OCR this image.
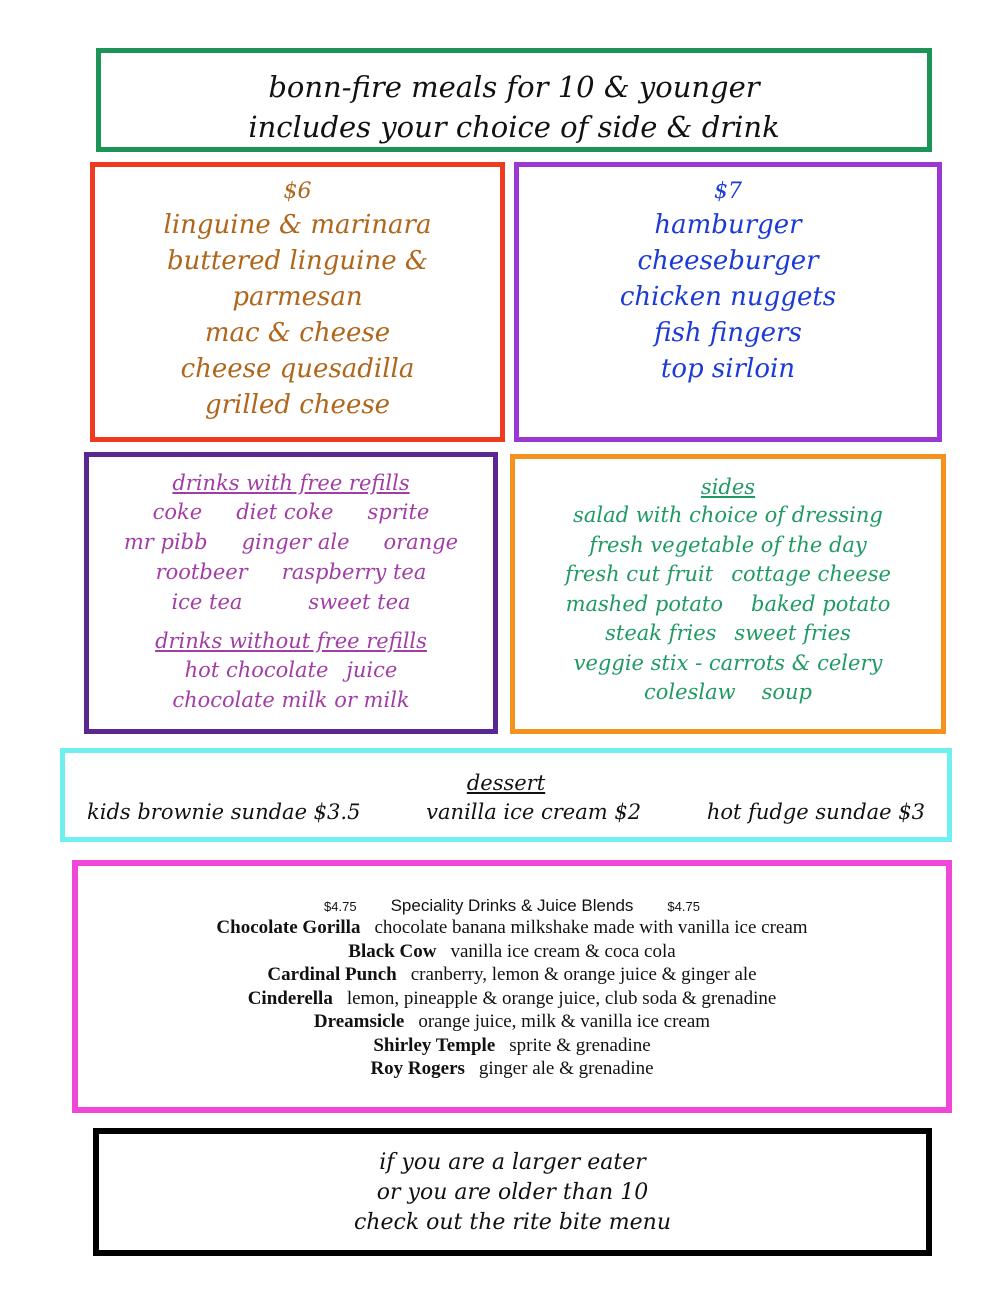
bonn-fire meals for 10 & younger
includes your choice of side & drink
$6
linguine & marinara
buttered linguine &
parmesan
mac & cheese
cheese quesadilla
grilled cheese
$7
hamburger
cheeseburger
chicken nuggets
fish fingers
top sirloin
drinks with free refills
coke diet coke sprite
mr pibb ginger ale orange
rootbeer raspberry tea
ice tea	sweet tea
drinks without free refills
hot chocolate juice
chocolate milk or milk
sides
salad with choice of dressing
fresh vegetable of the day
fresh cut fruit cottage cheese
mashed potato baked potato
steak fries sweet fries
veggie stix - carrots & celery
coleslaw soup
dessert
kids brownie sundae $3.5	vanilla ice cream $2	hot fudge sundae $3
$4.75 Speciality Drinks & Juice Blends	$4.75
Chocolate Gorilla chocolate banana milkshake made with vanilla ice cream
Black Cow vanilla ice cream & coca cola
Cardinal Punch cranberry, lemon & orange juice & ginger ale
Cinderella lemon, pineapple & orange juice, club soda & grenadine
Dreamsicle orange juice, milk & vanilla ice cream
Shirley Temple sprite & grenadine
Roy Rogers ginger ale & grenadine
if you are a larger eater
or you are older than 10
check out the rite bite menu
